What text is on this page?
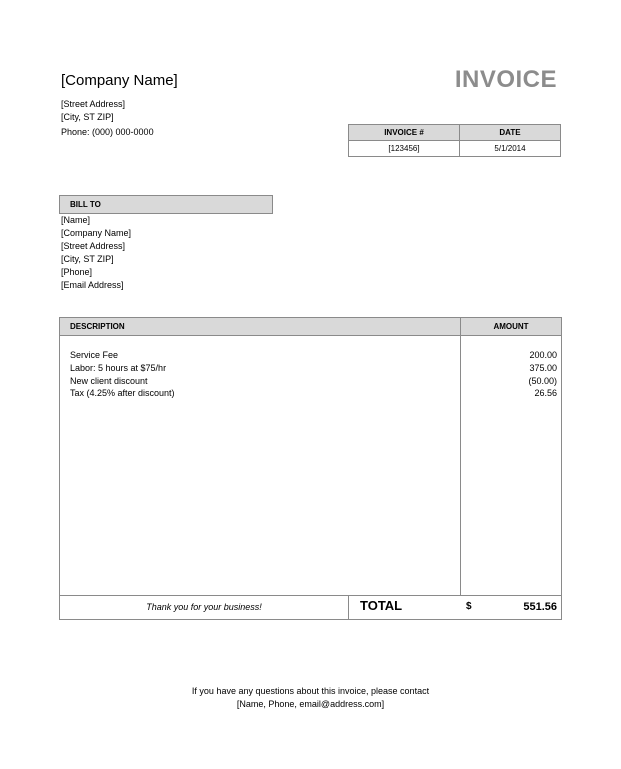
[Company Name]
[Street Address]
[City, ST ZIP]
Phone: (000) 000-0000
INVOICE
INVOICE #	DATE
[123456]	5/1/2014
BILL TO
[Name]
[Company Name]
[Street Address]
[City, ST ZIP]
[Phone]
[Email Address]
DESCRIPTION	AMOUNT
Service Fee	200.00
Labor: 5 hours at $75/hr	375.00
New client discount	(50.00)
Tax (4.25% after discount)	26.56
Thank you for your business!	TOTAL	$	551.56
If you have any questions about this invoice, please contact
[Name, Phone, email@address.com]
